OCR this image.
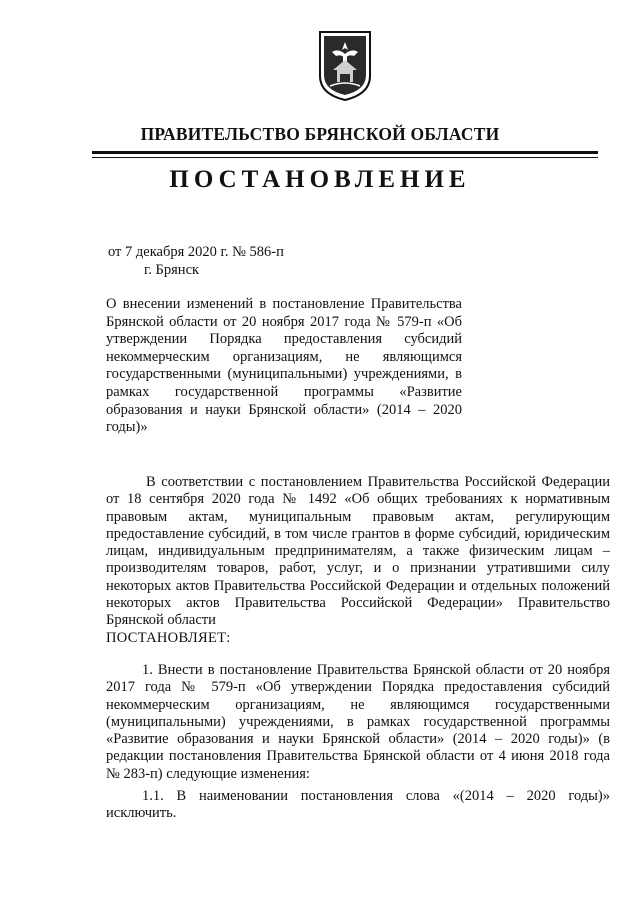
ПРАВИТЕЛЬСТВО БРЯНСКОЙ ОБЛАСТИ
ПОСТАНОВЛЕНИЕ
от 7 декабря 2020 г. № 586-п
г. Брянск
О внесении изменений в постановление Правительства Брянской области от 20 ноября 2017 года № 579-п «Об утверждении Порядка предоставления субсидий некоммерческим организациям, не являющимся государственными (муниципальными) учреждениями, в рамках государственной программы «Развитие образования и науки Брянской области» (2014 – 2020 годы)»
В соответствии с постановлением Правительства Российской Федерации от 18 сентября 2020 года № 1492 «Об общих требованиях к нормативным правовым актам, муниципальным правовым актам, регулирующим предоставление субсидий, в том числе грантов в форме субсидий, юридическим лицам, индивидуальным предпринимателям, а также физическим лицам – производителям товаров, работ, услуг, и о признании утратившими силу некоторых актов Правительства Российской Федерации и отдельных положений некоторых актов Правительства Российской Федерации» Правительство Брянской области
ПОСТАНОВЛЯЕТ:
1. Внести в постановление Правительства Брянской области от 20 ноября 2017 года № 579-п «Об утверждении Порядка предоставления субсидий некоммерческим организациям, не являющимся государственными (муниципальными) учреждениями, в рамках государственной программы «Развитие образования и науки Брянской области» (2014 – 2020 годы)» (в редакции постановления Правительства Брянской области от 4 июня 2018 года № 283-п) следующие изменения:
1.1. В наименовании постановления слова «(2014 – 2020 годы)» исключить.
